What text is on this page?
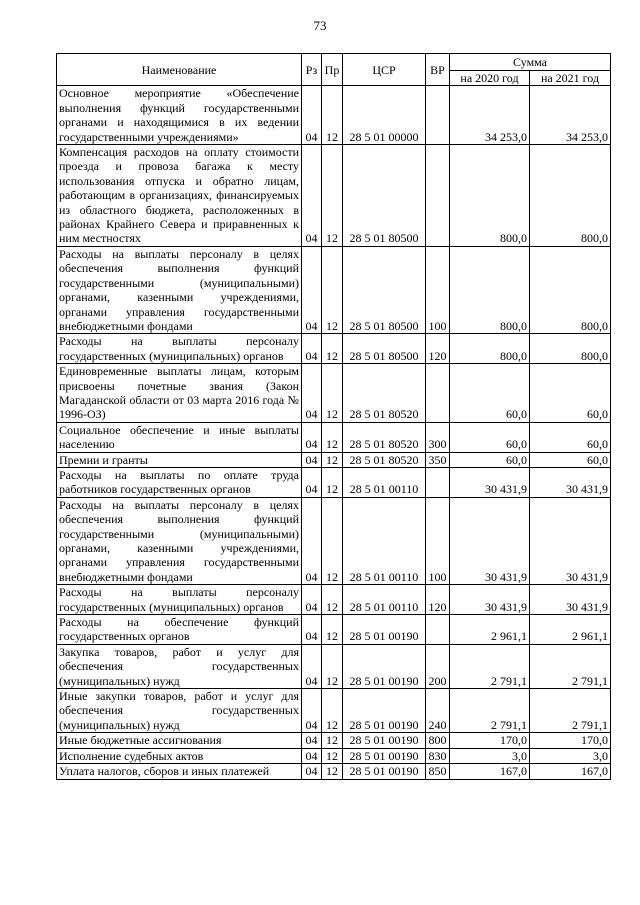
73
Наименование	Рз	Пр	ЦСР	ВР	Сумма	
					на 2020 год	на 2021 год
Основное мероприятие «Обеспечение выполнения функций государственными органами и находящимися в их ведении государственными учреждениями»	04	12	28 5 01 00000		34 253,0	34 253,0
Компенсация расходов на оплату стоимости проезда и провоза багажа к месту использования отпуска и обратно лицам, работающим в организациях, финансируемых из областного бюджета, расположенных в районах Крайнего Севера и приравненных к ним местностях	04	12	28 5 01 80500		800,0	800,0
Расходы на выплаты персоналу в целях обеспечения выполнения функций государственными (муниципальными) органами, казенными учреждениями, органами управления государственными внебюджетными фондами	04	12	28 5 01 80500	100	800,0	800,0
Расходы на выплаты персоналу государственных (муниципальных) органов	04	12	28 5 01 80500	120	800,0	800,0
Единовременные выплаты лицам, которым присвоены почетные звания (Закон Магаданской области от 03 марта 2016 года № 1996-ОЗ)	04	12	28 5 01 80520		60,0	60,0
Социальное обеспечение и иные выплаты населению	04	12	28 5 01 80520	300	60,0	60,0
Премии и гранты	04	12	28 5 01 80520	350	60,0	60,0
Расходы на выплаты по оплате труда работников государственных органов	04	12	28 5 01 00110		30 431,9	30 431,9
Расходы на выплаты персоналу в целях обеспечения выполнения функций государственными (муниципальными) органами, казенными учреждениями, органами управления государственными внебюджетными фондами	04	12	28 5 01 00110	100	30 431,9	30 431,9
Расходы на выплаты персоналу государственных (муниципальных) органов	04	12	28 5 01 00110	120	30 431,9	30 431,9
Расходы на обеспечение функций государственных органов	04	12	28 5 01 00190		2 961,1	2 961,1
Закупка товаров, работ и услуг для обеспечения государственных (муниципальных) нужд	04	12	28 5 01 00190	200	2 791,1	2 791,1
Иные закупки товаров, работ и услуг для обеспечения государственных (муниципальных) нужд	04	12	28 5 01 00190	240	2 791,1	2 791,1
Иные бюджетные ассигнования	04	12	28 5 01 00190	800	170,0	170,0
Исполнение судебных актов	04	12	28 5 01 00190	830	3,0	3,0
Уплата налогов, сборов и иных платежей	04	12	28 5 01 00190	850	167,0	167,0
